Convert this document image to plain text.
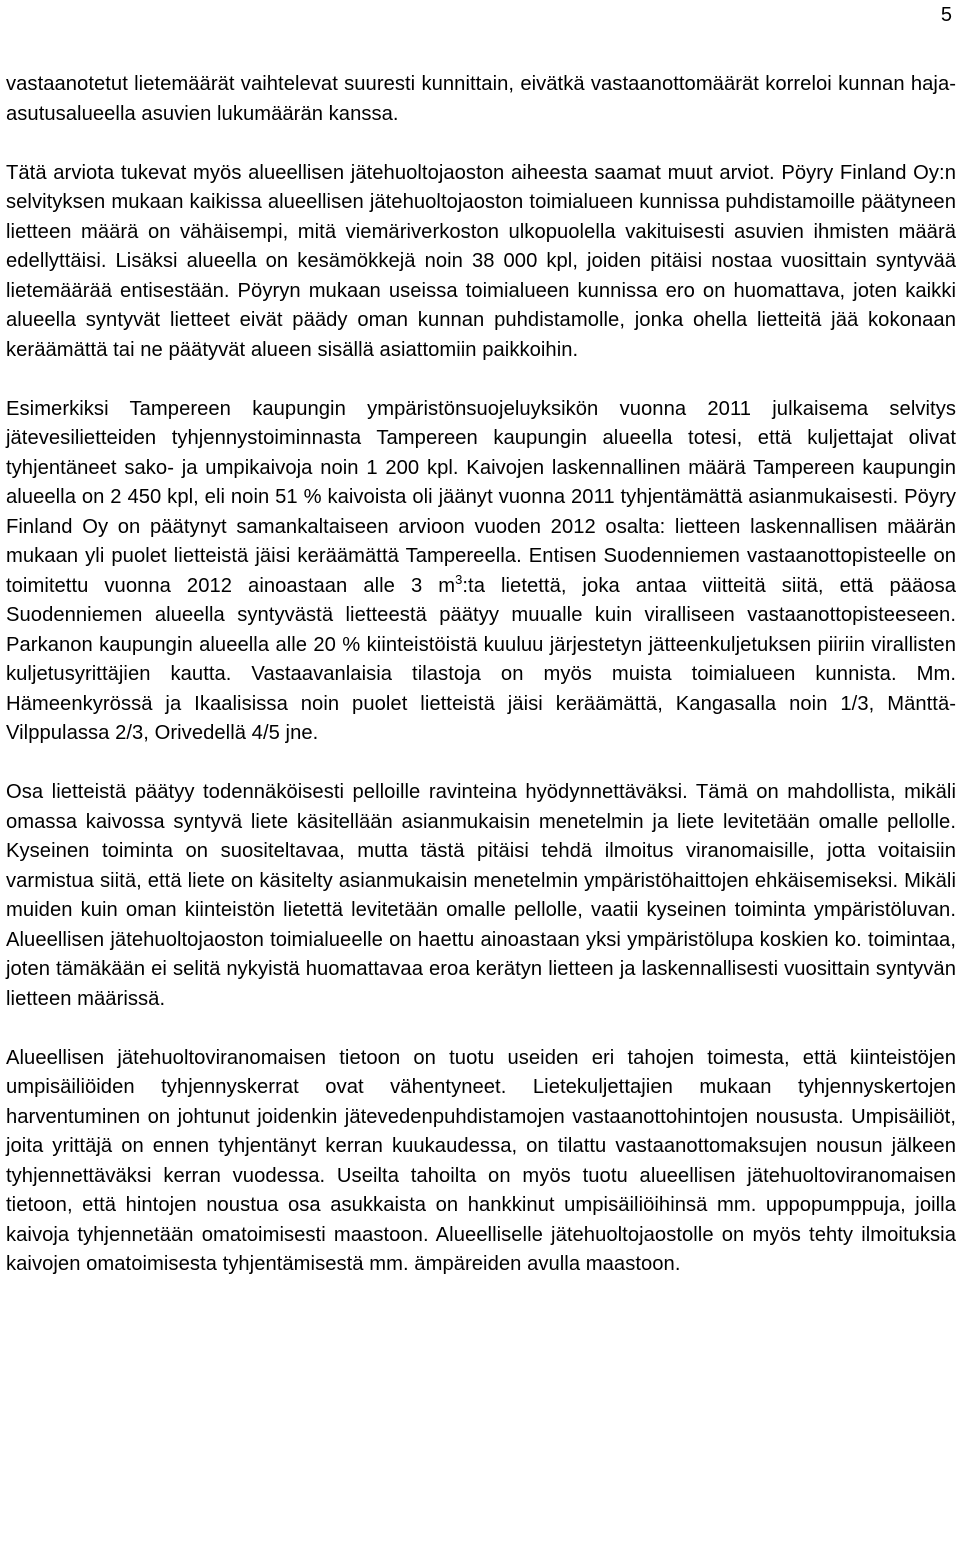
5

vastaanotetut lietemäärät vaihtelevat suuresti kunnittain, eivätkä vastaanottomäärät korreloi kunnan haja-asutusalueella asuvien lukumäärän kanssa.

Tätä arviota tukevat myös alueellisen jätehuoltojaoston aiheesta saamat muut arviot. Pöyry Finland Oy:n selvityksen mukaan kaikissa alueellisen jätehuoltojaoston toimialueen kunnissa puhdistamoille päätyneen lietteen määrä on vähäisempi, mitä viemäriverkoston ulkopuolella vakituisesti asuvien ihmisten määrä edellyttäisi. Lisäksi alueella on kesämökkejä noin 38 000 kpl, joiden pitäisi nostaa vuosittain syntyvää lietemäärää entisestään. Pöyryn mukaan useissa toimialueen kunnissa ero on huomattava, joten kaikki alueella syntyvät lietteet eivät päädy oman kunnan puhdistamolle, jonka ohella lietteitä jää kokonaan keräämättä tai ne päätyvät alueen sisällä asiattomiin paikkoihin.

Esimerkiksi Tampereen kaupungin ympäristönsuojeluyksikön vuonna 2011 julkaisema selvitys jätevesilietteiden tyhjennystoiminnasta Tampereen kaupungin alueella totesi, että kuljettajat olivat tyhjentäneet sako- ja umpikaivoja noin 1 200 kpl. Kaivojen laskennallinen määrä Tampereen kaupungin alueella on 2 450 kpl, eli noin 51 % kaivoista oli jäänyt vuonna 2011 tyhjentämättä asianmukaisesti. Pöyry Finland Oy on päätynyt samankaltaiseen arvioon vuoden 2012 osalta: lietteen laskennallisen määrän mukaan yli puolet lietteistä jäisi keräämättä Tampereella. Entisen Suodenniemen vastaanottopisteelle on toimitettu vuonna 2012 ainoastaan alle 3 $m^3:ta$ lietettä, joka antaa viitteitä siitä, että pääosa Suodenniemen alueella syntyvästä lietteestä päätyy muualle kuin viralliseen vastaanottopisteeseen. Parkanon kaupungin alueella alle 20 % kiinteistöistä kuuluu järjestetyn jätteenkuljetuksen piiriin virallisten kuljetusyrittäjien kautta. Vastaavanlaisia tilastoja on myös muista toimialueen kunnista. Mm. Hämeenkyrössä ja Ikaalisissa noin puolet lietteistä jäisi keräämättä, Kangasalla noin 1/3, Mänttä-Vilppulassa 2/3, Orivedellä 4/5 jne.

Osa lietteistä päätyy todennäköisesti pelloille ravinteina hyödynnettäväksi. Tämä on mahdollista, mikäli omassa kaivossa syntyvä liete käsitellään asianmukaisin menetelmin ja liete levitetään omalle pellolle. Kyseinen toiminta on suositeltavaa, mutta tästä pitäisi tehdä ilmoitus viranomaisille, jotta voitaisiin varmistua siitä, että liete on käsitelty asianmukaisin menetelmin ympäristöhaittojen ehkäisemiseksi. Mikäli muiden kuin oman kiinteistön lietettä levitetään omalle pellolle, vaatii kyseinen toiminta ympäristöluvan. Alueellisen jätehuoltojaoston toimialueelle on haettu ainoastaan yksi ympäristölupa koskien ko. toimintaa, joten tämäkään ei selitä nykyistä huomattavaa eroa kerätyn lietteen ja laskennallisesti vuosittain syntyvän lietteen määrissä.

Alueellisen jätehuoltoviranomaisen tietoon on tuotu useiden eri tahojen toimesta, että kiinteistöjen umpisäiliöiden tyhjennyskerrat ovat vähentyneet. Lietekuljettajien mukaan tyhjennyskertojen harventuminen on johtunut joidenkin jätevedenpuhdistamojen vastaanottohintojen noususta. Umpisäiliöt, joita yrittäjä on ennen tyhjentänyt kerran kuukaudessa, on tilattu vastaanottomaksujen nousun jälkeen tyhjennettäväksi kerran vuodessa. Useilta tahoilta on myös tuotu alueellisen jätehuoltoviranomaisen tietoon, että hintojen noustua osa asukkaista on hankkinut umpisäiliöihinsä mm. uppopumppuja, joilla kaivoja tyhjennetään omatoimisesti maastoon. Alueelliselle jätehuoltojaostolle on myös tehty ilmoituksia kaivojen omatoimisesta tyhjentämisestä mm. ämpäreiden avulla maastoon.
